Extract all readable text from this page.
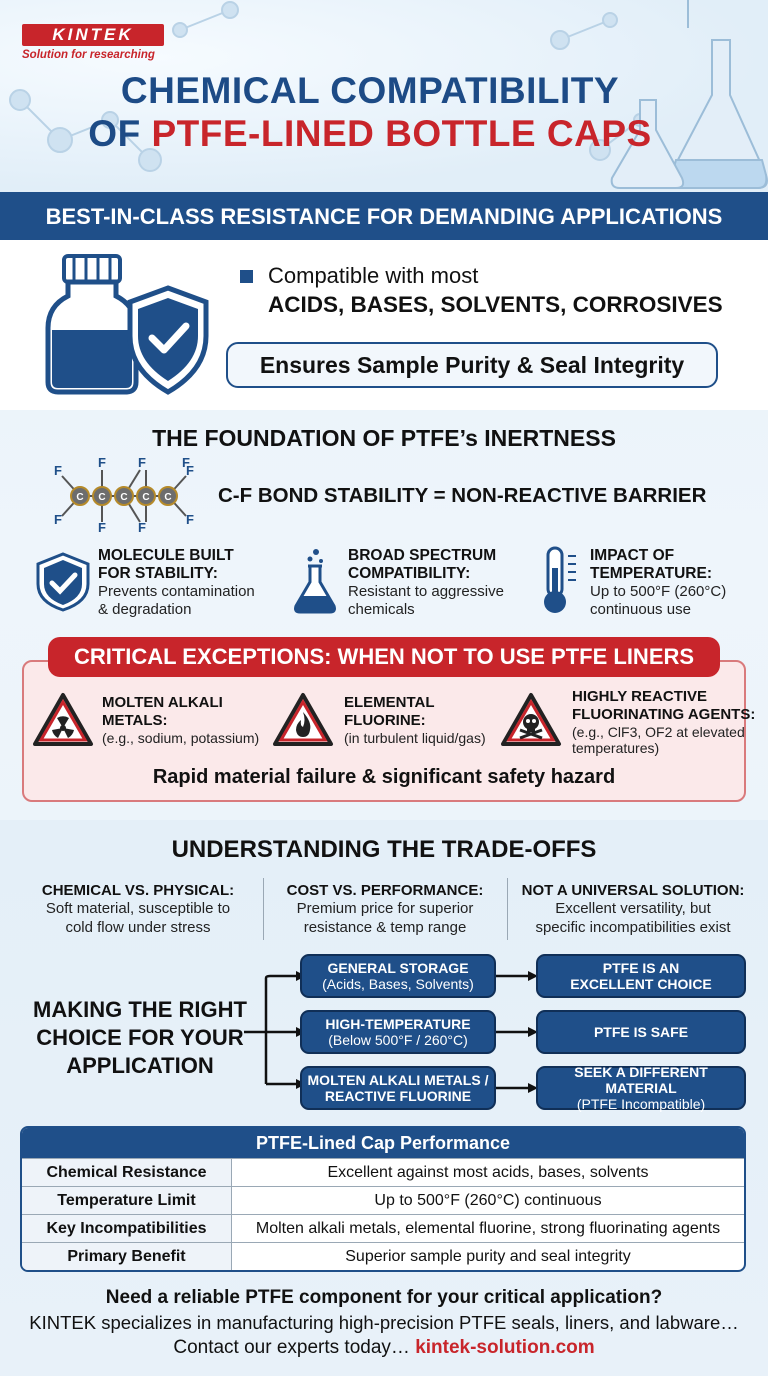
KINTEK
Solution for researching
CHEMICAL COMPATIBILITY
OF PTFE-LINED BOTTLE CAPS
BEST-IN-CLASS RESISTANCE FOR DEMANDING APPLICATIONS
Compatible with most
ACIDS, BASES, SOLVENTS, CORROSIVES
Ensures Sample Purity & Seal Integrity
THE FOUNDATION OF PTFE’s INERTNESS
C C C C C
F
F
F
F
F
F
F
F
F
C-F BOND STABILITY = NON-REACTIVE BARRIER
MOLECULE BUILT
FOR STABILITY:
Prevents contamination
& degradation
BROAD SPECTRUM
COMPATIBILITY:
Resistant to aggressive
chemicals
IMPACT OF
TEMPERATURE:
Up to 500°F (260°C)
continuous use
CRITICAL EXCEPTIONS: WHEN NOT TO USE PTFE LINERS
MOLTEN ALKALI
METALS:
(e.g., sodium, potassium)
ELEMENTAL
FLUORINE:
(in turbulent liquid/gas)
HIGHLY REACTIVE
FLUORINATING AGENTS:
(e.g., ClF3, OF2 at elevated
temperatures)
Rapid material failure & significant safety hazard
UNDERSTANDING THE TRADE-OFFS
CHEMICAL VS. PHYSICAL:
Soft material, susceptible to
cold flow under stress
COST VS. PERFORMANCE:
Premium price for superior
resistance & temp range
NOT A UNIVERSAL SOLUTION:
Excellent versatility, but
specific incompatibilities exist
MAKING THE RIGHT
CHOICE FOR YOUR
APPLICATION
GENERAL STORAGE
(Acids, Bases, Solvents)
PTFE IS AN
EXCELLENT CHOICE
HIGH-TEMPERATURE
(Below 500°F / 260°C)	PTFE IS SAFE
MOLTEN ALKALI METALS /
REACTIVE FLUORINE
SEEK A DIFFERENT MATERIAL
(PTFE Incompatible)
PTFE-Lined Cap Performance
Chemical Resistance	Excellent against most acids, bases, solvents
Temperature Limit	Up to 500°F (260°C) continuous
Key Incompatibilities	Molten alkali metals, elemental fluorine, strong fluorinating agents
Primary Benefit	Superior sample purity and seal integrity
Need a reliable PTFE component for your critical application?
KINTEK specializes in manufacturing high-precision PTFE seals, liners, and labware…
Contact our experts today… kintek-solution.com
